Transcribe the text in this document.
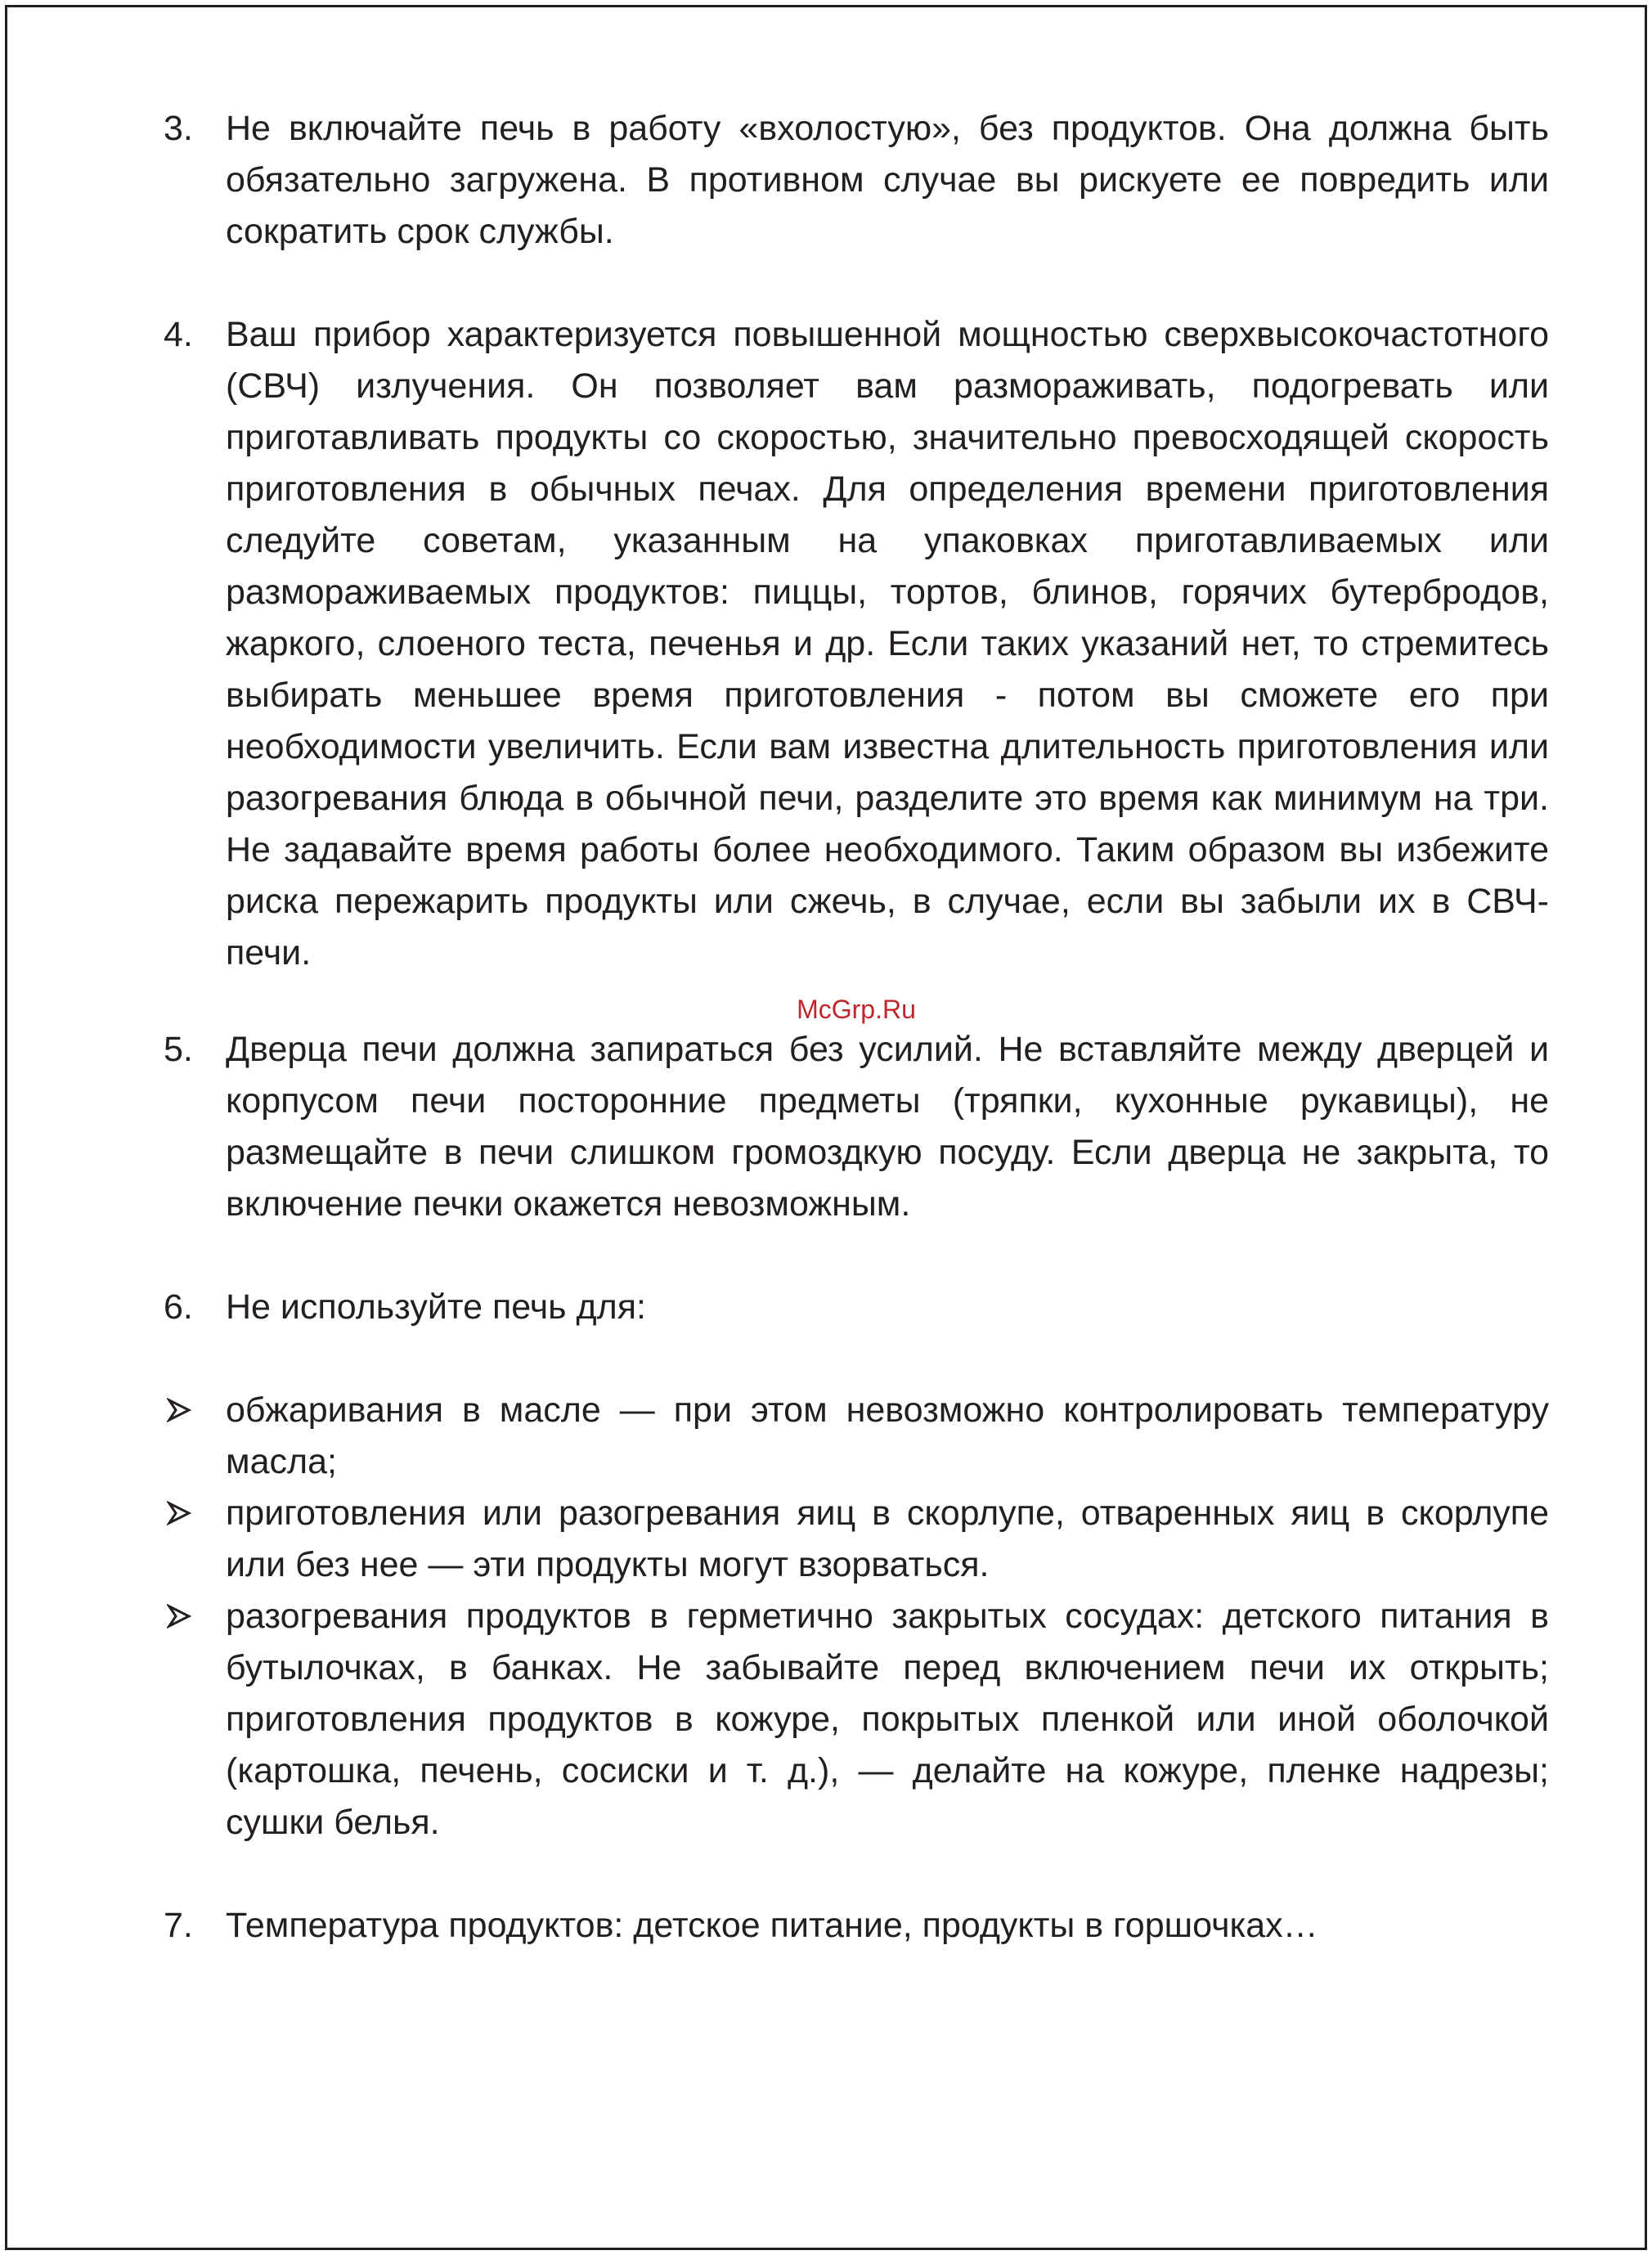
3. Не включайте печь в работу «вхолостую», без продуктов. Она должна быть обязательно загружена. В противном случае вы рискуете ее повредить или сократить срок службы.

4. Ваш прибор характеризуется повышенной мощностью сверхвысокочастотного (СВЧ) излучения. Он позволяет вам размораживать, подогревать или приготавливать продукты со скоростью, значительно превосходящей скорость приготовления в обычных печах. Для определения времени приготовления следуйте советам, указанным на упаковках приготавливаемых или размораживаемых продуктов: пиццы, тортов, блинов, горячих бутербродов, жаркого, слоеного теста, печенья и др. Если таких указаний нет, то стремитесь выбирать меньшее время приготовления - потом вы сможете его при необходимости увеличить. Если вам известна длительность приготовления или разогревания блюда в обычной печи, разделите это время как минимум на три. Не задавайте время работы более необходимого. Таким образом вы избежите риска пережарить продукты или сжечь, в случае, если вы забыли их в СВЧ-печи.

McGrp.Ru
5. Дверца печи должна запираться без усилий. Не вставляйте между дверцей и корпусом печи посторонние предметы (тряпки, кухонные рукавицы), не размещайте в печи слишком громоздкую посуду. Если дверца не закрыта, то включение печки окажется невозможным.

6. Не используйте печь для:

обжаривания в масле — при этом невозможно контролировать температуру масла;

приготовления или разогревания яиц в скорлупе, отваренных яиц в скорлупе или без нее — эти продукты могут взорваться.

разогревания продуктов в герметично закрытых сосудах: детского питания в бутылочках, в банках. Не забывайте перед включением печи их открыть; приготовления продуктов в кожуре, покрытых пленкой или иной оболочкой (картошка, печень, сосиски и т. д.), — делайте на кожуре, пленке надрезы; сушки белья.

7. Температура продуктов: детское питание, продукты в горшочках…
